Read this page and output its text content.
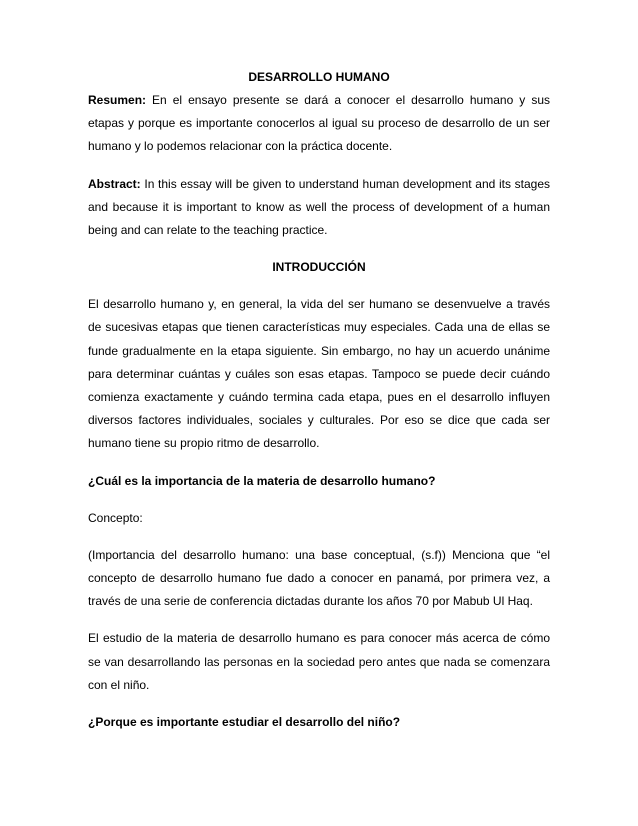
DESARROLLO HUMANO

Resumen: En el ensayo presente se dará a conocer el desarrollo humano y sus etapas y porque es importante conocerlos al igual su proceso de desarrollo de un ser humano y lo podemos relacionar con la práctica docente.

Abstract: In this essay will be given to understand human development and its stages and because it is important to know as well the process of development of a human being and can relate to the teaching practice.

INTRODUCCIÓN

El desarrollo humano y, en general, la vida del ser humano se desenvuelve a través de sucesivas etapas que tienen características muy especiales. Cada una de ellas se funde gradualmente en la etapa siguiente. Sin embargo, no hay un acuerdo unánime para determinar cuántas y cuáles son esas etapas. Tampoco se puede decir cuándo comienza exactamente y cuándo termina cada etapa, pues en el desarrollo influyen diversos factores individuales, sociales y culturales. Por eso se dice que cada ser humano tiene su propio ritmo de desarrollo.

¿Cuál es la importancia de la materia de desarrollo humano?

Concepto:

(Importancia del desarrollo humano: una base conceptual, (s.f)) Menciona que “el concepto de desarrollo humano fue dado a conocer en panamá, por primera vez, a través de una serie de conferencia dictadas durante los años 70 por Mabub Ul Haq.

El estudio de la materia de desarrollo humano es para conocer más acerca de cómo se van desarrollando las personas en la sociedad pero antes que nada se comenzara con el niño.

¿Porque es importante estudiar el desarrollo del niño?
